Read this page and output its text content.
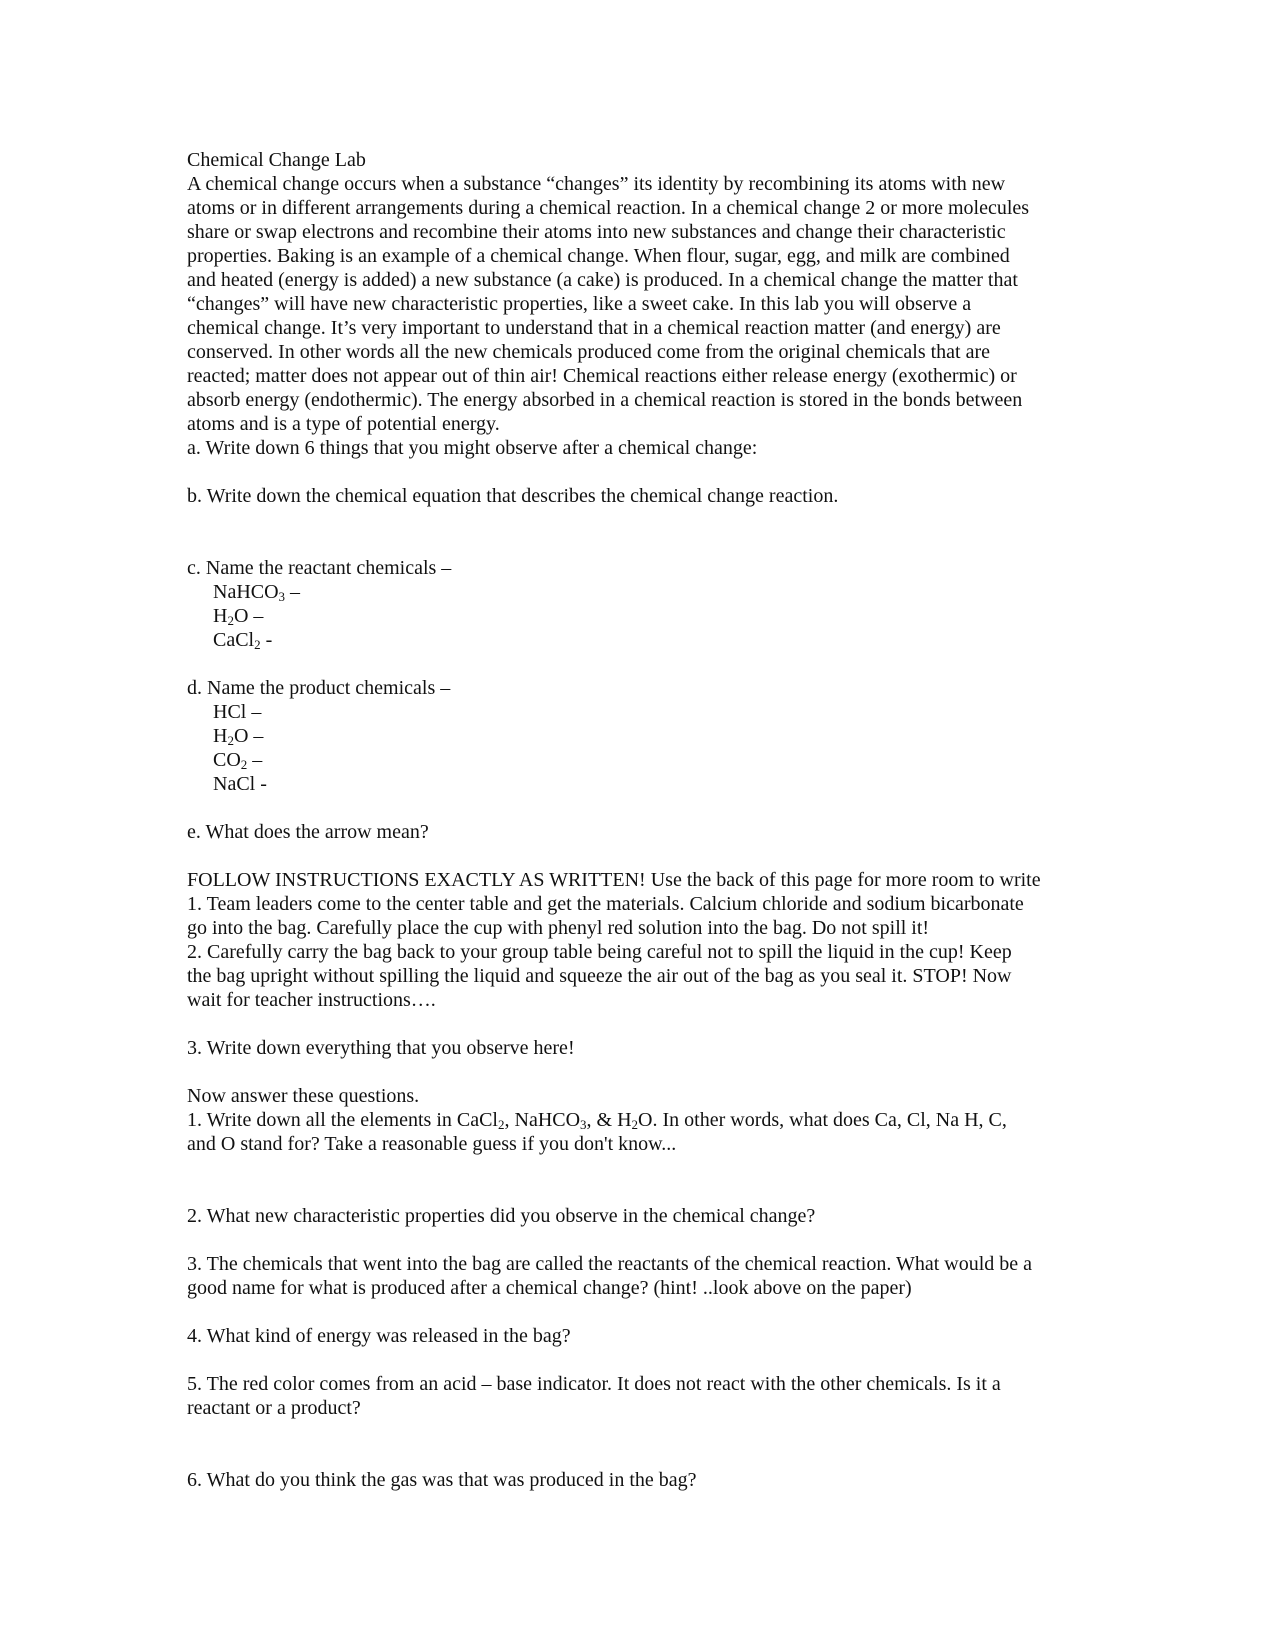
Chemical Change Lab
A chemical change occurs when a substance “changes” its identity by recombining its atoms with new
atoms or in different arrangements during a chemical reaction. In a chemical change 2 or more molecules
share or swap electrons and recombine their atoms into new substances and change their characteristic
properties. Baking is an example of a chemical change. When flour, sugar, egg, and milk are combined
and heated (energy is added) a new substance (a cake) is produced. In a chemical change the matter that
“changes” will have new characteristic properties, like a sweet cake. In this lab you will observe a
chemical change. It’s very important to understand that in a chemical reaction matter (and energy) are
conserved. In other words all the new chemicals produced come from the original chemicals that are
reacted; matter does not appear out of thin air! Chemical reactions either release energy (exothermic) or
absorb energy (endothermic). The energy absorbed in a chemical reaction is stored in the bonds between
atoms and is a type of potential energy.
a. Write down 6 things that you might observe after a chemical change:
b. Write down the chemical equation that describes the chemical change reaction.
c. Name the reactant chemicals –
NaHCO$_3$ –
$H_2O$ –
CaCl$_2$ -
d. Name the product chemicals –
HCl –
$H_2O$ –
$CO_2$ –
NaCl -
e. What does the arrow mean?
FOLLOW INSTRUCTIONS EXACTLY AS WRITTEN! Use the back of this page for more room to write
1. Team leaders come to the center table and get the materials. Calcium chloride and sodium bicarbonate
go into the bag. Carefully place the cup with phenyl red solution into the bag. Do not spill it!
2. Carefully carry the bag back to your group table being careful not to spill the liquid in the cup! Keep
the bag upright without spilling the liquid and squeeze the air out of the bag as you seal it. STOP! Now
wait for teacher instructions….
3. Write down everything that you observe here!
Now answer these questions.
1. Write down all the elements in CaCl$_2$, NaHCO$_3$, & $H_2O$. In other words, what does Ca, Cl, Na H, C,
and O stand for? Take a reasonable guess if you don't know...
2. What new characteristic properties did you observe in the chemical change?
3. The chemicals that went into the bag are called the reactants of the chemical reaction. What would be a
good name for what is produced after a chemical change? (hint! ..look above on the paper)
4. What kind of energy was released in the bag?
5. The red color comes from an acid – base indicator. It does not react with the other chemicals. Is it a
reactant or a product?
6. What do you think the gas was that was produced in the bag?
